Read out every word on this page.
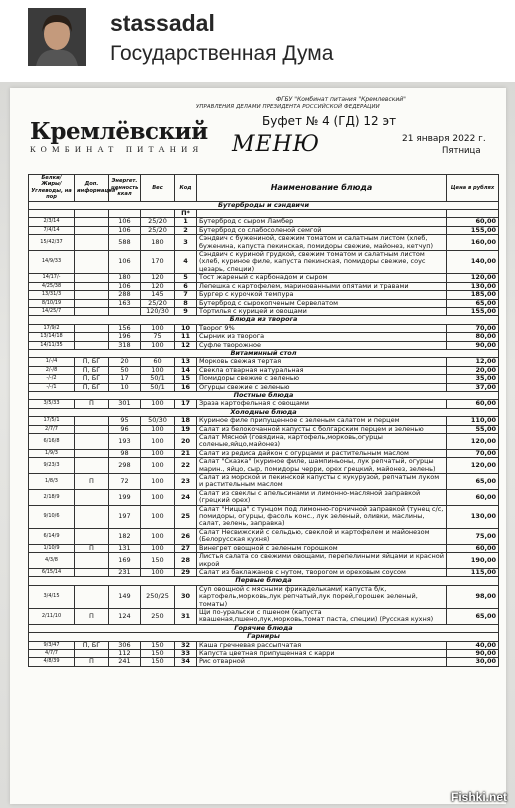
stassadal
Государственная Дума
Кремлёвский
КОМБИНАТ ПИТАНИЯ
ФГБУ "Комбинат питания "Кремлевский"
УПРАВЛЕНИЯ ДЕЛАМИ ПРЕЗИДЕНТА РОССИЙСКОЙ ФЕДЕРАЦИИ
Буфет № 4 (ГД) 12 эт
МЕНЮ	21 января 2022 г.
Пятница
Белки/ Жиры/ Углеводы, на пор	Доп. информация*	Энергет. ценность ккал	Вес	Код	Наименование блюда	Цена в рублях
Бутерброды и сэндвичи						
				П*		
2/3/14		106	25/20	1	Бутерброд с сыром Ламбер	60,00
7/4/14		106	25/20	2	Бутерброд со слабосоленой семгой	155,00
15/42/37		588	180	3	Сэндвич с бужениной, свежим томатом и салатным листом (хлеб, буженина, капуста пекинская, помидоры свежие, майонез, кетчуп)	160,00
14/9/33		106	170	4	Сэндвич с куриной грудкой, свежим томатом и салатным листом (хлеб, куриное филе, капуста пекинская, помидоры свежие, соус цезарь, специи)	140,00
14/17/-		180	120	5	Тост жареный с карбонадом и сыром	120,00
4/25/38		106	120	6	Лепешка с картофелем, маринованными опятами и травами	130,00
13/31/3		288	145	7	Бургер с курочкой темпура	185,00
8/10/19		163	25/20	8	Бутерброд с сырокопченым Сервелатом	65,00
14/25/7			120/30	9	Тортилья с курицей и овощами	155,00
Блюда из творога						
17/9/2		156	100	10	Творог 9%	70,00
13/14/18		196	75	11	Сырник из творога	80,00
14/11/35		318	100	12	Суфле творожное	90,00
Витаминный стол						
1/-/4	П, БГ	20	60	13	Морковь свежая тертая	12,00
2/-/8	П, БГ	50	100	14	Свекла отварная натуральная	20,00
-/-/2	П, БГ	17	50/1	15	Помидоры свежие с зеленью	35,00
-/-/1	П, БГ	10	50/1	16	Огурцы свежие с зеленью	37,00
Постные блюда						
3/5/33	П	301	100	17	Зраза картофельная с овощами	60,00
Холодные блюда						
17/5/1		95	50/30	18	Куриное филе припущенное с зеленым салатом и перцем	110,00
2/7/7		96	100	19	Салат из белокочанной капусты с болгарским перцем и зеленью	55,00
6/16/8		193	100	20	Салат Мясной (говядина, картофель,морковь,огурцы соленые,яйцо,майонез)	120,00
1/9/3		98	100	21	Салат из редиса дайкон с огурцами и растительным маслом	70,00
9/23/3		298	100	22	Салат "Сказка" (куриное филе, шампиньоны, лук репчатый, огурцы марин., яйцо, сыр, помидоры черри, орех грецкий, майонез, зелень)	120,00
1/8/3	П	72	100	23	Салат из морской и пекинской капусты с кукурузой, репчатым луком и растительным маслом	65,00
2/18/9		199	100	24	Салат из свеклы с апельсинами и лимонно-масляной заправкой (грецкий орех)	60,00
9/10/6		197	100	25	Салат "Ницца" с тунцом под лимонно-горчичной заправкой (тунец с/с, помидоры, огурцы, фасоль конс., лук зеленый, оливки, маслины, салат, зелень, заправка)	130,00
6/14/9		182	100	26	Салат Несвижский с сельдью, свеклой и картофелем и майонезом (Белорусская кухня)	75,00
1/10/9	П	131	100	27	Винегрет овощной с зеленым горошком	60,00
4/3/8		169	150	28	Листья салата со свежими овощами, перепелиными яйцами и красной икрой	190,00
6/15/14		231	100	29	Салат из баклажанов с нутом, творогом и ореховым соусом	115,00
Первые блюда						
3/4/15		149	250/25	30	Суп овощной с мясными фрикадельками( капуста б/к, картофель,морковь,лук репчатый,лук порей,горошек зеленый, томаты)	98,00
2/11/10	П	124	250	31	Щи по-уральски с пшеном (капуста квашеная,пшено,лук,морковь,томат паста, специи) (Русская кухня)	65,00
Горячие блюда						
Гарниры						
9/3/47	П, БГ	306	150	32	Каша гречневая рассыпчатая	40,00
4/7/7		112	150	33	Капуста цветная припущенная с карри	90,00
4/8/39	П	241	150	34	Рис отварной	30,00
Fishki.net
